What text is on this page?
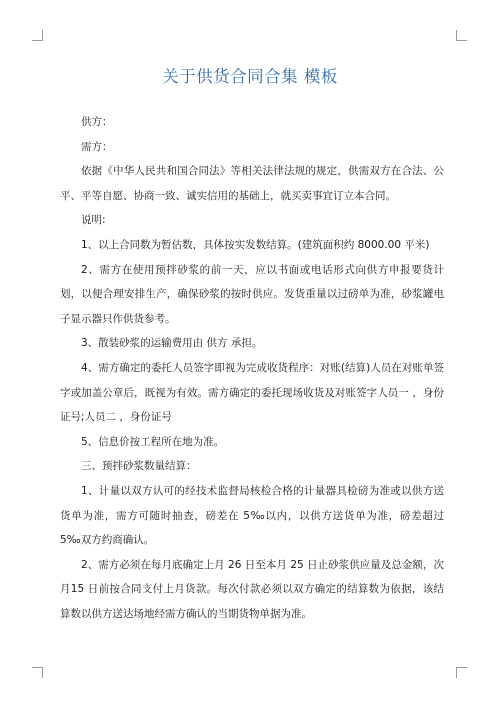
关于供货合同合集 模板

供方：

需方：

依据《中华人民共和国合同法》等相关法律法规的规定，供需双方在合法、公平、平等自愿、协商一致、诚实信用的基础上，就买卖事宜订立本合同。

说明:

1、以上合同数为暂估数，具体按实发数结算。(建筑面积约 8000.00 平米)

2、需方在使用预拌砂浆的前一天，应以书面或电话形式向供方申报要货计划，以便合理安排生产，确保砂浆的按时供应。发货重量以过磅单为准，砂浆罐电子显示器只作供货参考。

3、散装砂浆的运输费用由 供方 承担。

4、需方确定的委托人员签字即视为完成收货程序：对账(结算)人员在对账单签字或加盖公章后，既视为有效。需方确定的委托现场收货及对账签字人员一 ，身份证号;人员二 ，身份证号

5、信息价按工程所在地为准。

三、预拌砂浆数量结算：

1、计量以双方认可的经技术监督局核检合格的计量器具检磅为准或以供方送货单为准，需方可随时抽查，磅差在 5‰以内，以供方送货单为准，磅差超过 5‰双方约商确认。

2、需方必须在每月底确定上月 26 日至本月 25 日止砂浆供应量及总金额，次月15 日前按合同支付上月货款。每次付款必须以双方确定的结算数为依据，该结算数以供方送达场地经需方确认的当期货物单据为准。
